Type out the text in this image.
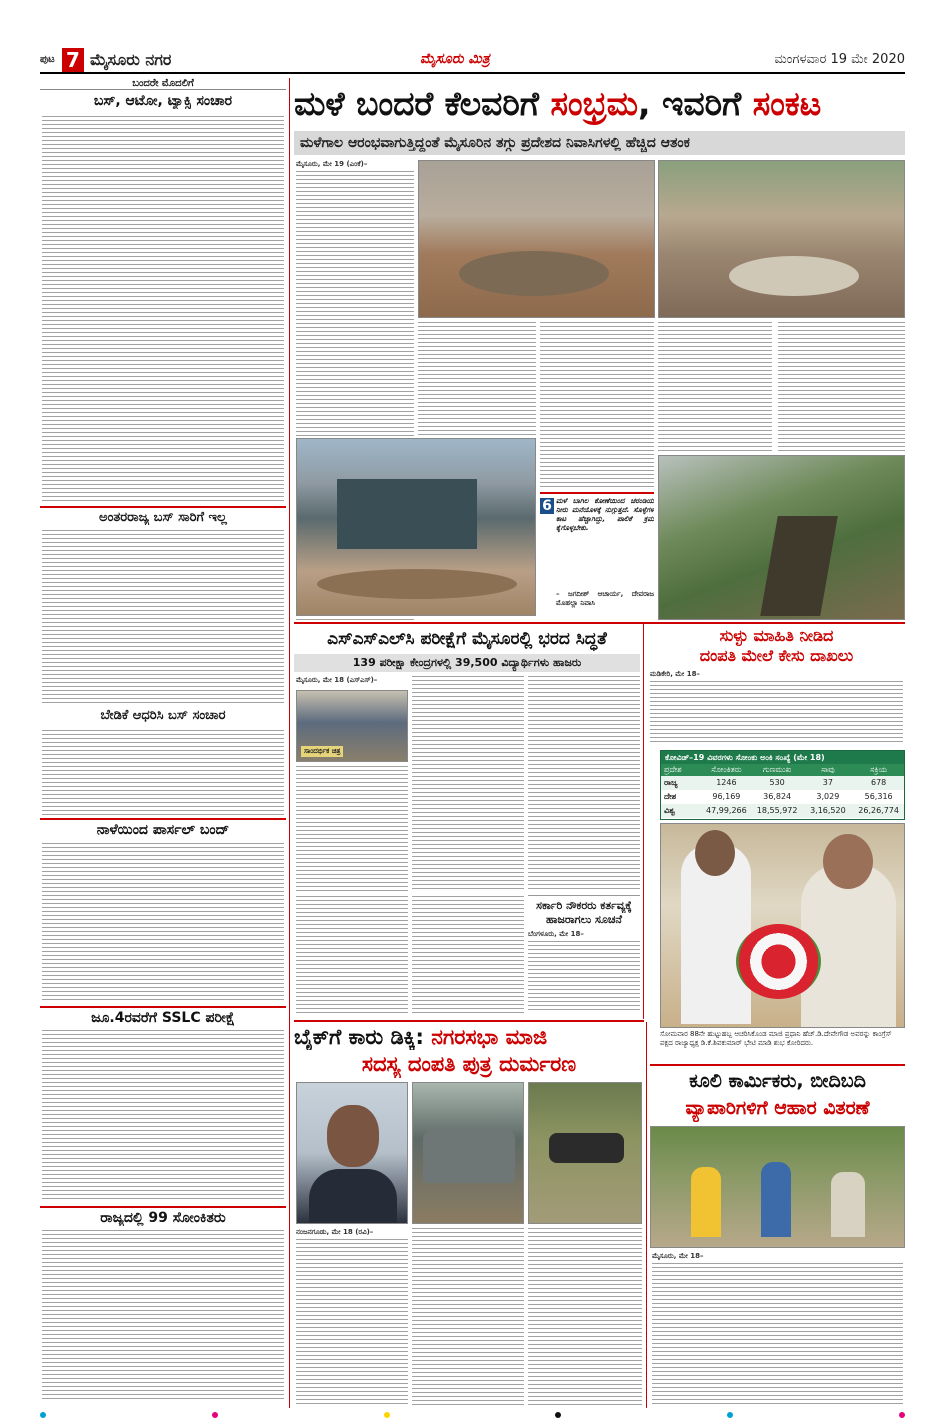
ಪುಟ 7 ಮೈಸೂರು ನಗರ	ಮೈಸೂರು ಮಿತ್ರ	ಮಂಗಳವಾರ 19 ಮೇ 2020
ಬಂದರೇ ಮೊದಲಿಗೆ
ಬಸ್, ಆಟೋ, ಟ್ಯಾಕ್ಸಿ ಸಂಚಾರ
ಅಂತರರಾಜ್ಯ ಬಸ್ ಸಾರಿಗೆ ಇಲ್ಲ
ಬೇಡಿಕೆ ಆಧರಿಸಿ ಬಸ್ ಸಂಚಾರ
ನಾಳೆಯಿಂದ ಪಾರ್ಸಲ್ ಬಂದ್
ಜೂ.4ರವರೆಗೆ SSLC ಪರೀಕ್ಷೆ
ರಾಜ್ಯದಲ್ಲಿ 99 ಸೋಂಕಿತರು
ಮಳೆ ಬಂದರೆ ಕೆಲವರಿಗೆ ಸಂಭ್ರಮ, ಇವರಿಗೆ ಸಂಕಟ
ಮಳೆಗಾಲ ಆರಂಭವಾಗುತ್ತಿದ್ದಂತೆ ಮೈಸೂರಿನ ತಗ್ಗು ಪ್ರದೇಶದ ನಿವಾಸಿಗಳಲ್ಲಿ ಹೆಚ್ಚಿದ ಆತಂಕ
ಮೈಸೂರು, ಮೇ 19 (ಎಂಕೆ)–
6 ಮಳೆ ಬಾಗಿಲ ಕೋಣೆಯಿಂದ ಚರಂಡಿಯ ನೀರು ಮನೆಯೊಳಕ್ಕೆ ನುಗ್ಗುತ್ತದೆ. ಸೊಳ್ಳೆಗಳ ಕಾಟ ಹೆಚ್ಚಾಗಿದ್ದು, ಪಾಲಿಕೆ ಕ್ರಮ ಕೈಗೊಳ್ಳಬೇಕು.
– ಜಗದೀಶ್ ಆಚಾರ್ಯ, ದೇವರಾಜ ಮೊಹಲ್ಲಾ ನಿವಾಸಿ
ಎಸ್‌ಎಸ್‌ಎಲ್‌ಸಿ ಪರೀಕ್ಷೆಗೆ ಮೈಸೂರಲ್ಲಿ ಭರದ ಸಿದ್ಧತೆ
139 ಪರೀಕ್ಷಾ ಕೇಂದ್ರಗಳಲ್ಲಿ 39,500 ವಿದ್ಯಾರ್ಥಿಗಳು ಹಾಜರು
ಮೈಸೂರು, ಮೇ 18 (ಎಸ್‌ಎಸ್)–
ಸಾಂದರ್ಭಿಕ ಚಿತ್ರ
ಸರ್ಕಾರಿ ನೌಕರರು ಕರ್ತವ್ಯಕ್ಕೆ
ಹಾಜರಾಗಲು ಸೂಚನೆ
ಬೆಂಗಳೂರು, ಮೇ 18–
ಸುಳ್ಳು ಮಾಹಿತಿ ನೀಡಿದ
ದಂಪತಿ ಮೇಲೆ ಕೇಸು ದಾಖಲು
ಮಡಿಕೇರಿ, ಮೇ 18–
ಕೋವಿಡ್–19 ವಿವರಗಳು ಸೋಂಕು ಅಂಕಿ ಸಂಖ್ಯೆ (ಮೇ 18)
ಪ್ರದೇಶ	ಸೋಂಕಿತರು	ಗುಣಮುಖ	ಸಾವು	ಸಕ್ರಿಯ
ರಾಜ್ಯ	1246	530	37	678
ದೇಶ	96,169	36,824	3,029	56,316
ವಿಶ್ವ	47,99,266	18,55,972	3,16,520	26,26,774
ಸೋಮವಾರ 88ನೇ ಹುಟ್ಟುಹಬ್ಬ ಆಚರಿಸಿಕೊಂಡ ಮಾಜಿ ಪ್ರಧಾನಿ ಹೆಚ್.ಡಿ.ದೇವೇಗೌಡ ಅವರನ್ನು ಕಾಂಗ್ರೆಸ್ ಪಕ್ಷದ ರಾಜ್ಯಾಧ್ಯಕ್ಷ ಡಿ.ಕೆ.ಶಿವಕುಮಾರ್ ಭೇಟಿ ಮಾಡಿ ಶುಭ ಕೋರಿದರು.
ಬೈಕ್‌ಗೆ ಕಾರು ಡಿಕ್ಕಿ: ನಗರಸಭಾ ಮಾಜಿ
ಸದಸ್ಯ ದಂಪತಿ ಪುತ್ರ ದುರ್ಮರಣ
ನಂಜನಗೂಡು, ಮೇ 18 (ರವಿ)–
ಕೂಲಿ ಕಾರ್ಮಿಕರು, ಬೀದಿಬದಿ
ವ್ಯಾಪಾರಿಗಳಿಗೆ ಆಹಾರ ವಿತರಣೆ
ಮೈಸೂರು, ಮೇ 18–
